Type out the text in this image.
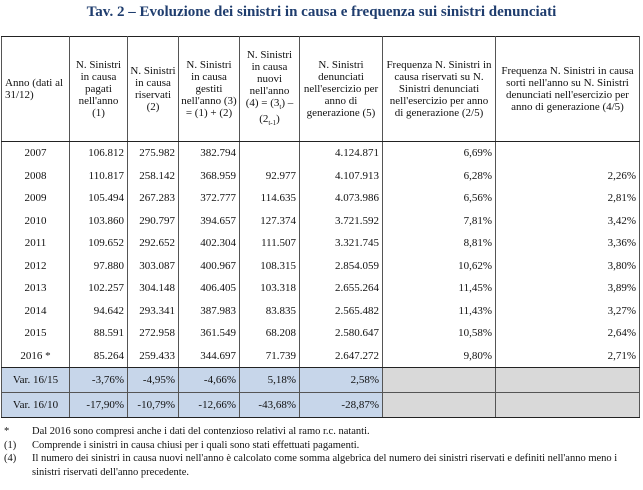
Tav. 2 – Evoluzione dei sinistri in causa e frequenza sui sinistri denunciati
Anno (dati al 31/12)	N. Sinistri in causa pagati nell'anno (1)	N. Sinistri in causa riservati (2)	N. Sinistri in causa gestiti nell'anno (3) = (1) + (2)	N. Sinistri in causa nuovi nell'anno $(4) = (3_t) - (2_{t-1})$	N. Sinistri denunciati nell'esercizio per anno di generazione (5)	Frequenza N. Sinistri in causa riservati su N. Sinistri denunciati nell'esercizio per anno di generazione (2/5)	Frequenza N. Sinistri in causa sorti nell'anno su N. Sinistri denunciati nell'esercizio per anno di generazione (4/5)
2007	106.812	275.982	382.794		4.124.871	6,69%	
2008	110.817	258.142	368.959	92.977	4.107.913	6,28%	2,26%
2009	105.494	267.283	372.777	114.635	4.073.986	6,56%	2,81%
2010	103.860	290.797	394.657	127.374	3.721.592	7,81%	3,42%
2011	109.652	292.652	402.304	111.507	3.321.745	8,81%	3,36%
2012	97.880	303.087	400.967	108.315	2.854.059	10,62%	3,80%
2013	102.257	304.148	406.405	103.318	2.655.264	11,45%	3,89%
2014	94.642	293.341	387.983	83.835	2.565.482	11,43%	3,27%
2015	88.591	272.958	361.549	68.208	2.580.647	10,58%	2,64%
2016 *	85.264	259.433	344.697	71.739	2.647.272	9,80%	2,71%
Var. 16/15	-3,76%	-4,95%	-4,66%	5,18%	2,58%		
Var. 16/10	-17,90%	-10,79%	-12,66%	-43,68%	-28,87%		
*	Dal 2016 sono compresi anche i dati del contenzioso relativi al ramo r.c. natanti.
(1)	Comprende i sinistri in causa chiusi per i quali sono stati effettuati pagamenti.
(4)	Il numero dei sinistri in causa nuovi nell'anno è calcolato come somma algebrica del numero dei sinistri riservati e definiti nell'anno meno i sinistri riservati dell'anno precedente.
